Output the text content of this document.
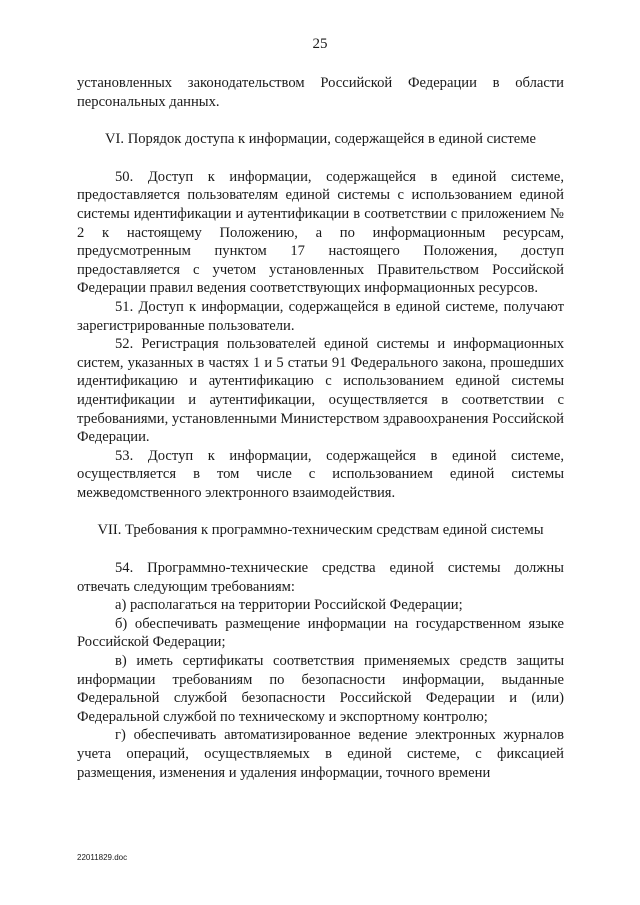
25

установленных законодательством Российской Федерации в области персональных данных.

VI. Порядок доступа к информации, содержащейся в единой системе

50. Доступ к информации, содержащейся в единой системе, предоставляется пользователям единой системы с использованием единой системы идентификации и аутентификации в соответствии с приложением № 2 к настоящему Положению, а по информационным ресурсам, предусмотренным пунктом 17 настоящего Положения, доступ предоставляется с учетом установленных Правительством Российской Федерации правил ведения соответствующих информационных ресурсов.

51. Доступ к информации, содержащейся в единой системе, получают зарегистрированные пользователи.

52. Регистрация пользователей единой системы и информационных систем, указанных в частях 1 и 5 статьи 91 Федерального закона, прошедших идентификацию и аутентификацию с использованием единой системы идентификации и аутентификации, осуществляется в соответствии с требованиями, установленными Министерством здравоохранения Российской Федерации.

53. Доступ к информации, содержащейся в единой системе, осуществляется в том числе с использованием единой системы межведомственного электронного взаимодействия.

VII. Требования к программно-техническим средствам единой системы

54. Программно-технические средства единой системы должны отвечать следующим требованиям:

а) располагаться на территории Российской Федерации;

б) обеспечивать размещение информации на государственном языке Российской Федерации;

в) иметь сертификаты соответствия применяемых средств защиты информации требованиям по безопасности информации, выданные Федеральной службой безопасности Российской Федерации и (или) Федеральной службой по техническому и экспортному контролю;

г) обеспечивать автоматизированное ведение электронных журналов учета операций, осуществляемых в единой системе, с фиксацией размещения, изменения и удаления информации, точного времени

22011829.doc
